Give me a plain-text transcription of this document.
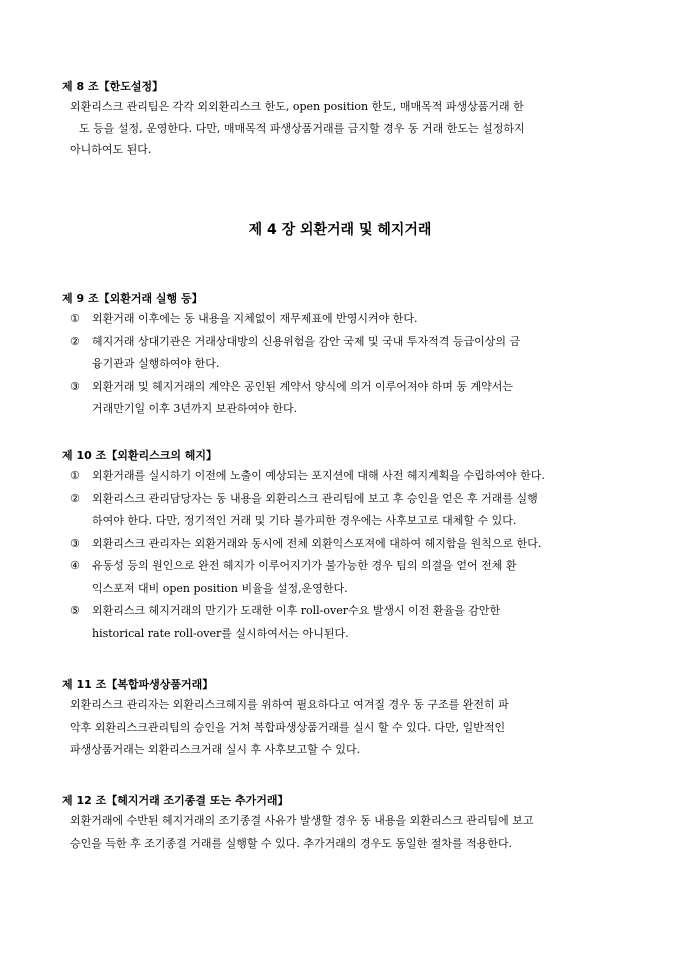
제 8 조【한도설정】
외환리스크 관리팀은 각각 외외환리스크 한도, open position 한도, 매매목적 파생상품거래 한
도 등을 설정, 운영한다. 다만, 매매목적 파생상품거래를 금지할 경우 동 거래 한도는 설정하지
아니하여도 된다.
제 4 장 외환거래 및 헤지거래
제 9 조【외환거래 실행 등】
① 외환거래 이후에는 동 내용을 지체없이 재무제표에 반영시켜야 한다.
② 헤지거래 상대기관은 거래상대방의 신용위험을 감안 국제 및 국내 투자적격 등급이상의 금
융기관과 실행하여야 한다.
③ 외환거래 및 헤지거래의 계약은 공인된 계약서 양식에 의거 이루어져야 하며 동 계약서는
거래만기일 이후 3년까지 보관하여야 한다.
제 10 조【외환리스크의 헤지】
① 외환거래를 실시하기 이전에 노출이 예상되는 포지션에 대해 사전 헤지계획을 수립하여야 한다.
② 외환리스크 관리담당자는 동 내용을 외환리스크 관리팀에 보고 후 승인을 얻은 후 거래를 실행
하여야 한다. 다만, 정기적인 거래 및 기타 불가피한 경우에는 사후보고로 대체할 수 있다.
③ 외환리스크 관리자는 외환거래와 동시에 전체 외환익스포져에 대하여 헤지함을 원칙으로 한다.
④ 유동성 등의 원인으로 완전 헤지가 이루어지기가 불가능한 경우 팀의 의결을 얻어 전체 환
익스포져 대비 open position 비율을 설정,운영한다.
⑤ 외환리스크 헤지거래의 만기가 도래한 이후 roll-over수요 발생시 이전 환율을 감안한
historical rate roll-over를 실시하여서는 아니된다.
제 11 조【복합파생상품거래】
외환리스크 관리자는 외환리스크헤지를 위하여 필요하다고 여겨질 경우 동 구조를 완전히 파
악후 외환리스크관리팀의 승인을 거쳐 복합파생상품거래를 실시 할 수 있다. 다만, 일반적인
파생상품거래는 외환리스크거래 실시 후 사후보고할 수 있다.
제 12 조【헤지거래 조기종결 또는 추가거래】
외환거래에 수반된 헤지거래의 조기종결 사유가 발생할 경우 동 내용을 외환리스크 관리팀에 보고
승인을 득한 후 조기종결 거래를 실행할 수 있다. 추가거래의 경우도 동일한 절차를 적용한다.
